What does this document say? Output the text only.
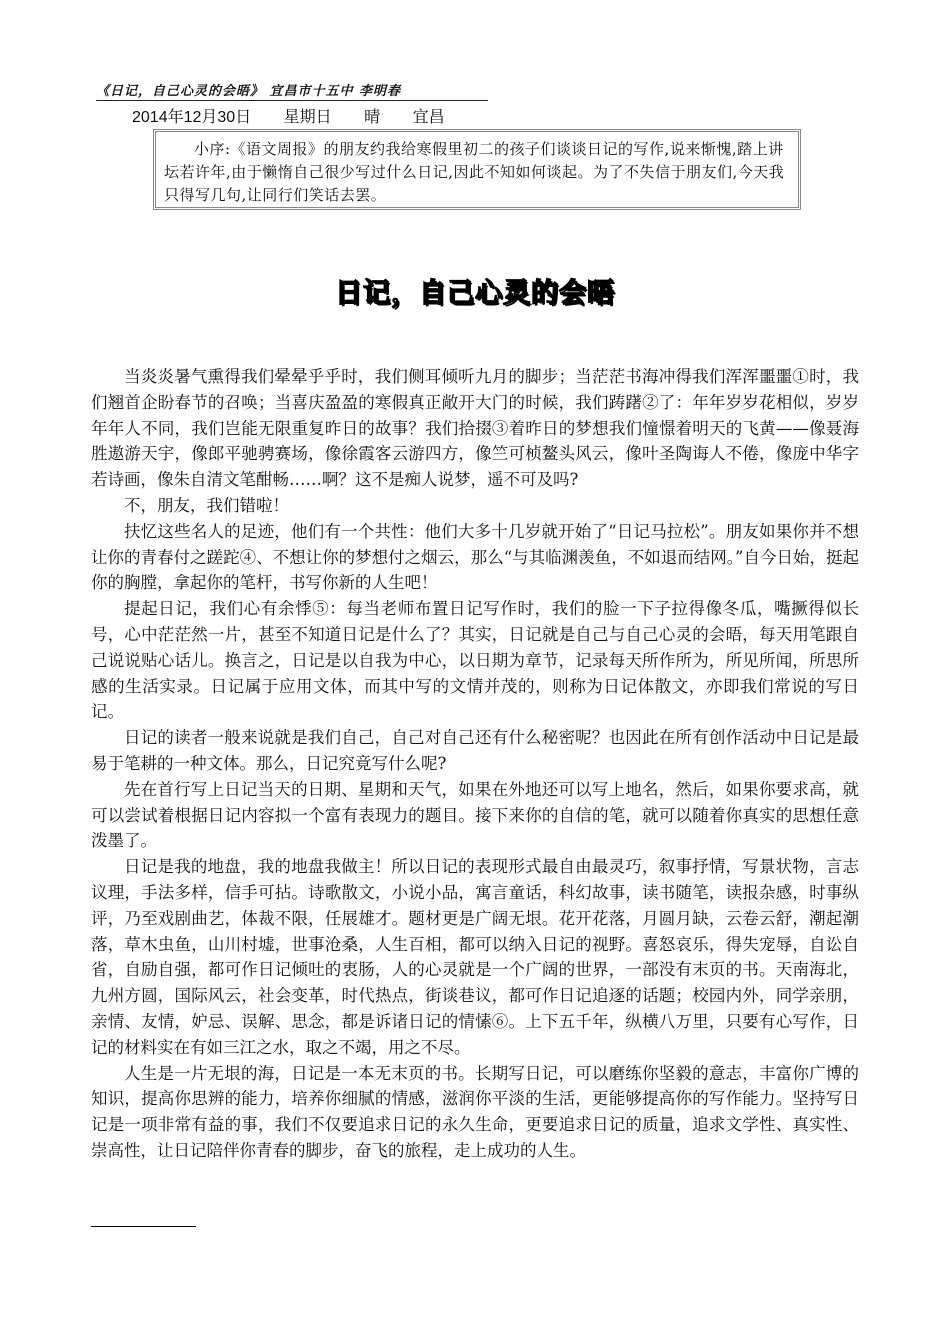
《日记，自己心灵的会晤》 宜昌市十五中 李明春
2014年12月30日 星期日 晴 宜昌

小序:《语文周报》的朋友约我给寒假里初二的孩子们谈谈日记的写作,说来惭愧,踏上讲坛若许年,由于懒惰自己很少写过什么日记,因此不知如何谈起。为了不失信于朋友们,今天我只得写几句,让同行们笑话去罢。

日记，自己心灵的会晤

当炎炎暑气熏得我们晕晕乎乎时，我们侧耳倾听九月的脚步；当茫茫书海冲得我们浑浑噩噩①时，我们翘首企盼春节的召唤；当喜庆盈盈的寒假真正敞开大门的时候，我们踌躇②了：年年岁岁花相似，岁岁年年人不同，我们岂能无限重复昨日的故事？我们拾掇③着昨日的梦想我们憧憬着明天的飞黄——像聂海胜遨游天宇，像郎平驰骋赛场，像徐霞客云游四方，像竺可桢鳌头风云，像叶圣陶诲人不倦，像庞中华字若诗画，像朱自清文笔酣畅……啊？这不是痴人说梦，遥不可及吗?

不，朋友，我们错啦！

扶忆这些名人的足迹，他们有一个共性：他们大多十几岁就开始了“日记马拉松”。朋友如果你并不想让你的青春付之蹉跎④、不想让你的梦想付之烟云，那么“与其临渊羡鱼，不如退而结网。”自今日始，挺起你的胸膛，拿起你的笔杆，书写你新的人生吧！

提起日记，我们心有余悸⑤：每当老师布置日记写作时，我们的脸一下子拉得像冬瓜，嘴撅得似长号，心中茫茫然一片，甚至不知道日记是什么了？其实，日记就是自己与自己心灵的会晤，每天用笔跟自己说说贴心话儿。换言之，日记是以自我为中心，以日期为章节，记录每天所作所为，所见所闻，所思所感的生活实录。日记属于应用文体，而其中写的文情并茂的，则称为日记体散文，亦即我们常说的写日记。

日记的读者一般来说就是我们自己，自己对自己还有什么秘密呢？也因此在所有创作活动中日记是最易于笔耕的一种文体。那么，日记究竟写什么呢?

先在首行写上日记当天的日期、星期和天气，如果在外地还可以写上地名，然后，如果你要求高，就可以尝试着根据日记内容拟一个富有表现力的题目。接下来你的自信的笔，就可以随着你真实的思想任意泼墨了。

日记是我的地盘，我的地盘我做主！所以日记的表现形式最自由最灵巧，叙事抒情，写景状物，言志议理，手法多样，信手可拈。诗歌散文，小说小品，寓言童话，科幻故事，读书随笔，读报杂感，时事纵评，乃至戏剧曲艺，体裁不限，任展雄才。题材更是广阔无垠。花开花落，月圆月缺，云卷云舒，潮起潮落，草木虫鱼，山川村墟，世事沧桑，人生百相，都可以纳入日记的视野。喜怒哀乐，得失宠辱，自讼自省，自励自强，都可作日记倾吐的衷肠，人的心灵就是一个广阔的世界，一部没有末页的书。天南海北，九州方圆，国际风云，社会变革，时代热点，街谈巷议，都可作日记追逐的话题；校园内外，同学亲朋，亲情、友情，妒忌、误解、思念，都是诉诸日记的情愫⑥。上下五千年，纵横八万里，只要有心写作，日记的材料实在有如三江之水，取之不竭，用之不尽。

人生是一片无垠的海，日记是一本无末页的书。长期写日记，可以磨练你坚毅的意志，丰富你广博的知识，提高你思辨的能力，培养你细腻的情感，滋润你平淡的生活，更能够提高你的写作能力。坚持写日记是一项非常有益的事，我们不仅要追求日记的永久生命，更要追求日记的质量，追求文学性、真实性、崇高性，让日记陪伴你青春的脚步，奋飞的旅程，走上成功的人生。
